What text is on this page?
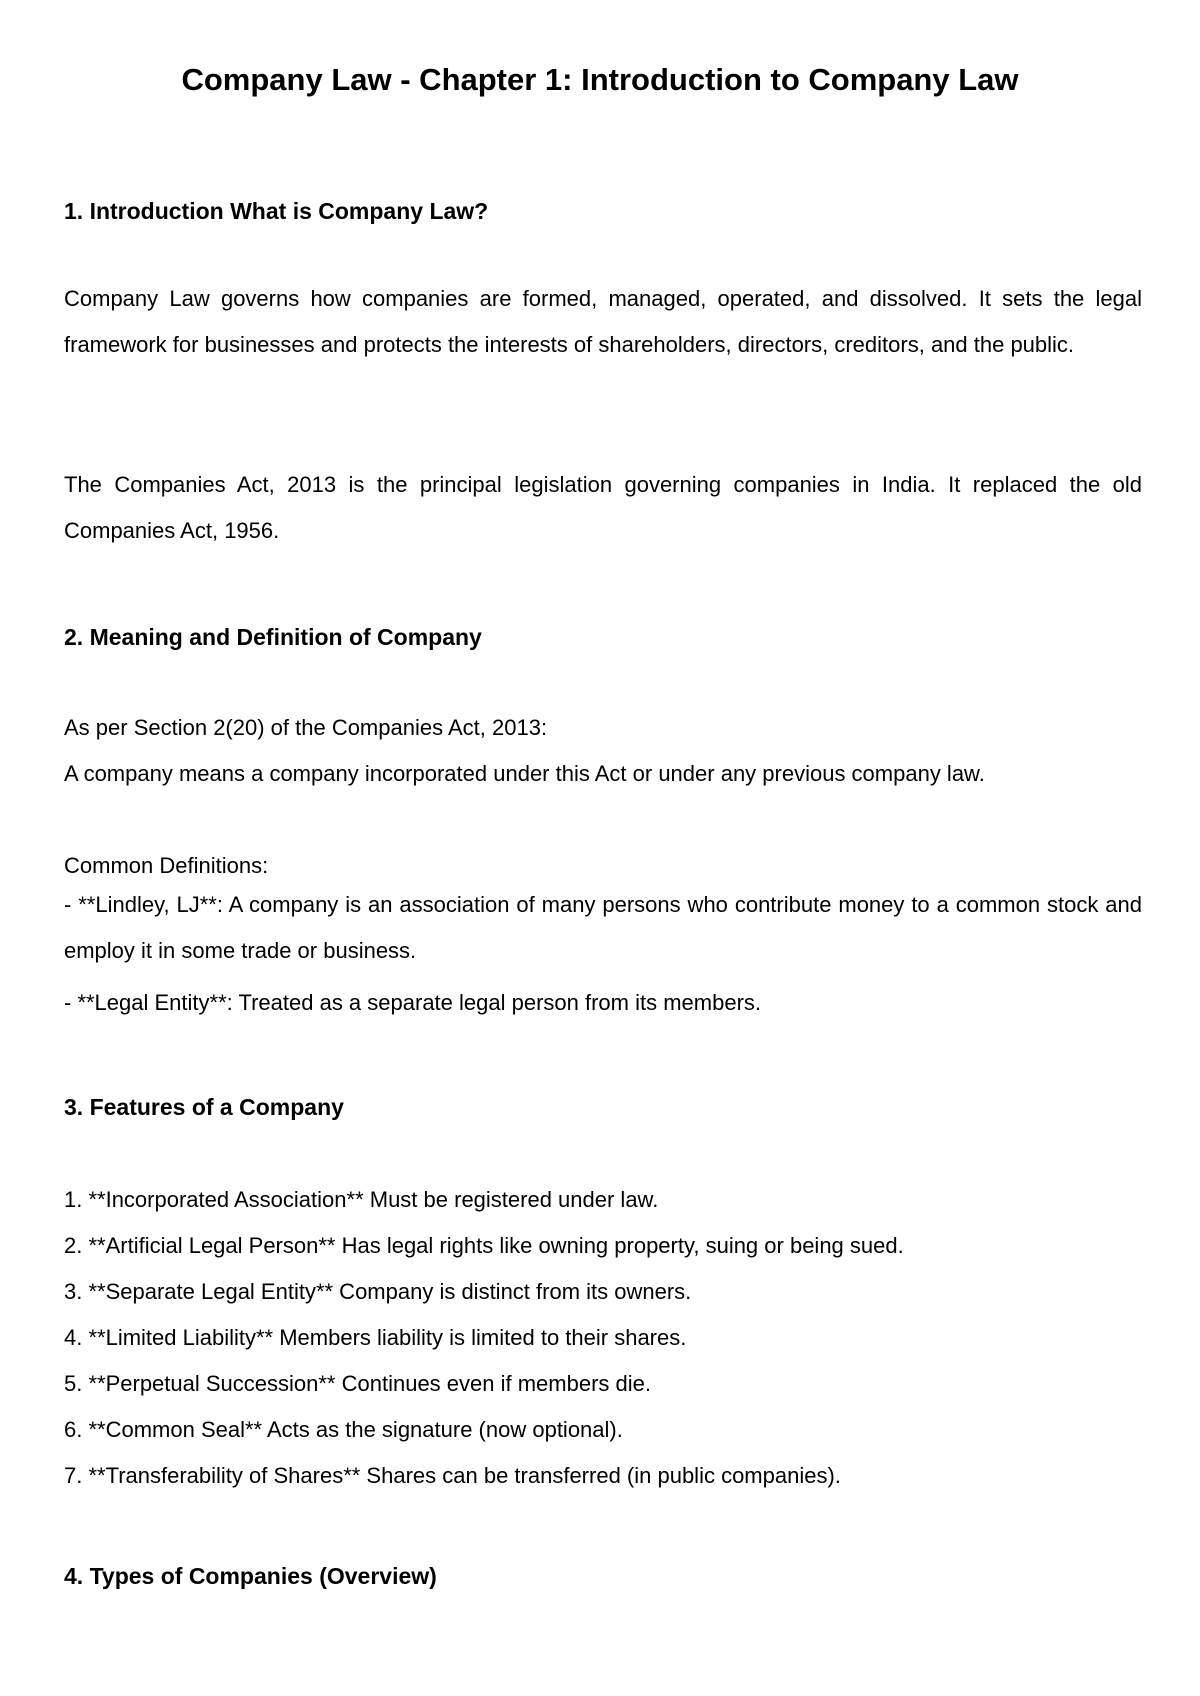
Company Law - Chapter 1: Introduction to Company Law
1. Introduction What is Company Law?

Company Law governs how companies are formed, managed, operated, and dissolved. It sets the legal framework for businesses and protects the interests of shareholders, directors, creditors, and the public.

The Companies Act, 2013 is the principal legislation governing companies in India. It replaced the old Companies Act, 1956.

2. Meaning and Definition of Company

As per Section 2(20) of the Companies Act, 2013:

A company means a company incorporated under this Act or under any previous company law.

Common Definitions:

- **Lindley, LJ**: A company is an association of many persons who contribute money to a common stock and employ it in some trade or business.

- **Legal Entity**: Treated as a separate legal person from its members.

3. Features of a Company

1. **Incorporated Association** Must be registered under law.

2. **Artificial Legal Person** Has legal rights like owning property, suing or being sued.

3. **Separate Legal Entity** Company is distinct from its owners.

4. **Limited Liability** Members liability is limited to their shares.

5. **Perpetual Succession** Continues even if members die.

6. **Common Seal** Acts as the signature (now optional).

7. **Transferability of Shares** Shares can be transferred (in public companies).

4. Types of Companies (Overview)
